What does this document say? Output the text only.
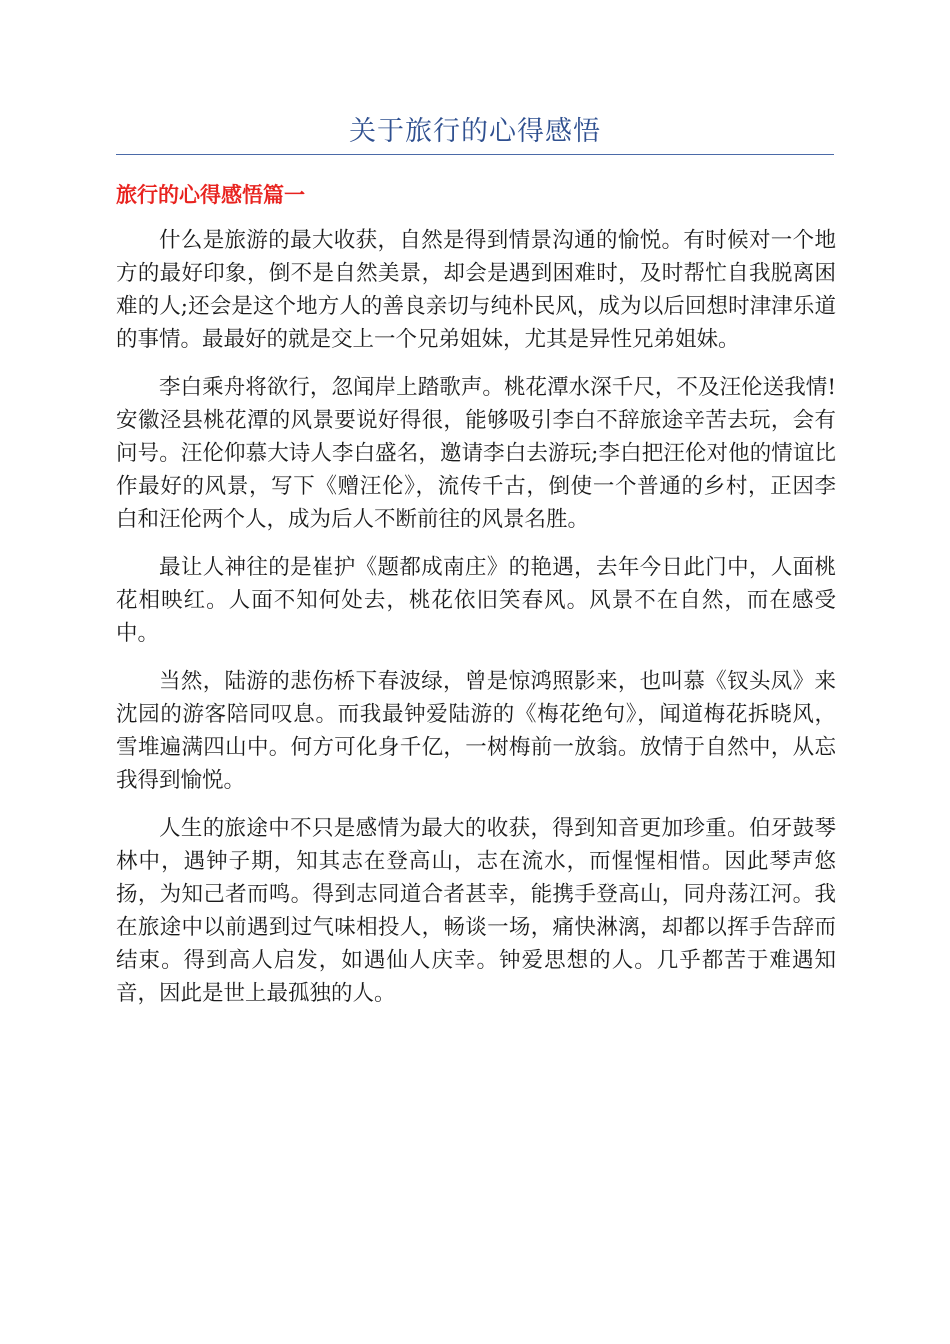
关于旅行的心得感悟
旅行的心得感悟篇一

什么是旅游的最大收获，自然是得到情景沟通的愉悦。有时候对一个地方的最好印象，倒不是自然美景，却会是遇到困难时，及时帮忙自我脱离困难的人;还会是这个地方人的善良亲切与纯朴民风，成为以后回想时津津乐道的事情。最最好的就是交上一个兄弟姐妹，尤其是异性兄弟姐妹。

李白乘舟将欲行，忽闻岸上踏歌声。桃花潭水深千尺，不及汪伦送我情!安徽泾县桃花潭的风景要说好得很，能够吸引李白不辞旅途辛苦去玩，会有问号。汪伦仰慕大诗人李白盛名，邀请李白去游玩;李白把汪伦对他的情谊比作最好的风景，写下《赠汪伦》，流传千古，倒使一个普通的乡村，正因李白和汪伦两个人，成为后人不断前往的风景名胜。

最让人神往的是崔护《题都成南庄》的艳遇，去年今日此门中，人面桃花相映红。人面不知何处去，桃花依旧笑春风。风景不在自然，而在感受中。

当然，陆游的悲伤桥下春波绿，曾是惊鸿照影来，也叫慕《钗头凤》来沈园的游客陪同叹息。而我最钟爱陆游的《梅花绝句》，闻道梅花拆晓风，雪堆遍满四山中。何方可化身千亿，一树梅前一放翁。放情于自然中，从忘我得到愉悦。

人生的旅途中不只是感情为最大的收获，得到知音更加珍重。伯牙鼓琴林中，遇钟子期，知其志在登高山，志在流水，而惺惺相惜。因此琴声悠扬，为知己者而鸣。得到志同道合者甚幸，能携手登高山，同舟荡江河。我在旅途中以前遇到过气味相投人，畅谈一场，痛快淋漓，却都以挥手告辞而结束。得到高人启发，如遇仙人庆幸。钟爱思想的人。几乎都苦于难遇知音，因此是世上最孤独的人。
